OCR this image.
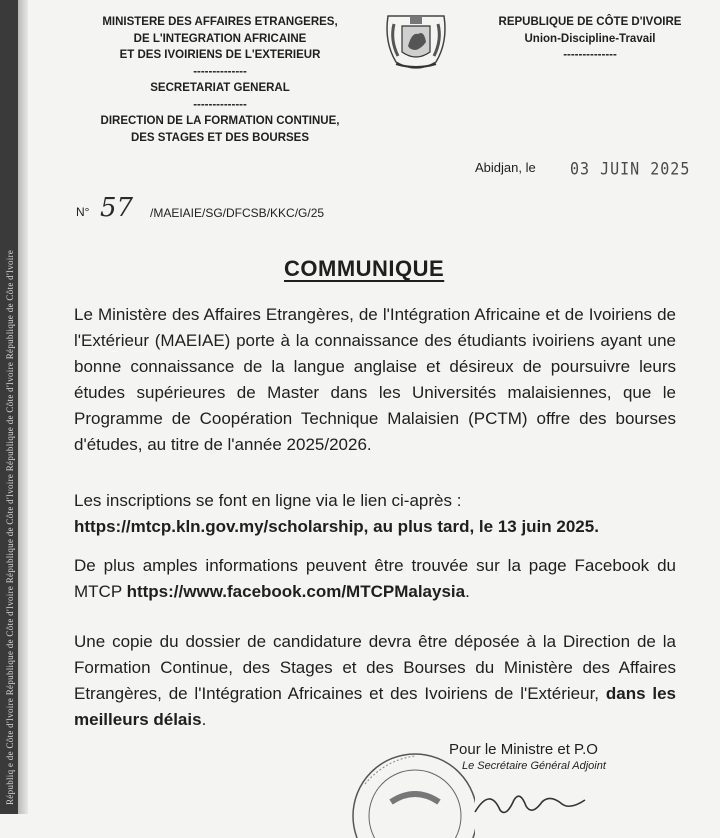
Républiq e de Côte d'Ivoire République de Côte d'Ivoire République de Côte d'Ivoire République de Côte d'Ivoire République de Côte d'Ivoire
MINISTERE DES AFFAIRES ETRANGERES,
DE L'INTEGRATION AFRICAINE
ET DES IVOIRIENS DE L'EXTERIEUR
--------------
SECRETARIAT GENERAL
--------------
DIRECTION DE LA FORMATION CONTINUE,
DES STAGES ET DES BOURSES
REPUBLIQUE DE CÔTE D'IVOIRE
Union-Discipline-Travail
--------------
Abidjan, le 03 JUIN 2025
N° 57 /MAEIAIE/SG/DFCSB/KKC/G/25
COMMUNIQUE
Le Ministère des Affaires Etrangères, de l'Intégration Africaine et de Ivoiriens de l'Extérieur (MAEIAE) porte à la connaissance des étudiants ivoiriens ayant une bonne connaissance de la langue anglaise et désireux de poursuivre leurs études supérieures de Master dans les Universités malaisiennes, que le Programme de Coopération Technique Malaisien (PCTM) offre des bourses d'études, au titre de l'année 2025/2026.
Les inscriptions se font en ligne via le lien ci-après :
https://mtcp.kln.gov.my/scholarship, au plus tard, le 13 juin 2025.
De plus amples informations peuvent être trouvée sur la page Facebook du MTCP https://www.facebook.com/MTCPMalaysia.
Une copie du dossier de candidature devra être déposée à la Direction de la Formation Continue, des Stages et des Bourses du Ministère des Affaires Etrangères, de l'Intégration Africaines et des Ivoiriens de l'Extérieur, dans les meilleurs délais.
Pour le Ministre et P.O
Le Secrétaire Général Adjoint
